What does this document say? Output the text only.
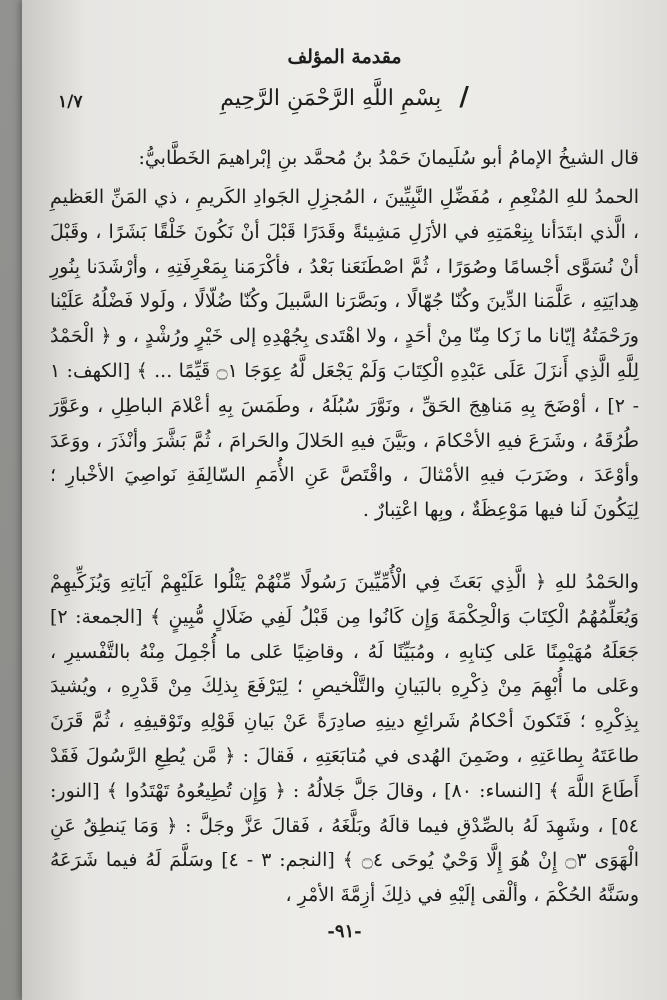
مقدمة المؤلف
١/٧	/بِسْمِ اللَّهِ الرَّحْمَنِ الرَّحِيمِ
قال الشيخُ الإمامُ أبو سُلَيمانَ حَمْدُ بنُ مُحمَّد بنِ إبْراهيمَ الخَطَّابيُّ:

الحمدُ للهِ المُنْعِمِ ، مُفَضِّلِ النَّبِيِّينَ ، المُجزِلِ الجَوادِ الكَريمِ ، ذي المَنِّ العَظيمِ ، الَّذي ابتَدَأنا بِنِعْمَتِهِ في الأزَلِ مَشِيئةً وقَدَرًا قَبْلَ أنْ نَكُونَ خَلْقًا بَشَرًا ، وقَبْلَ أنْ نُسَوَّى أجْسامًا وصُوَرًا ، ثُمَّ اصْطَنَعَنا بَعْدُ ، فأكْرَمَنا بِمَعْرِفَتِهِ ، وأرْشَدَنا بِنُورِ هِدايَتِهِ ، عَلَّمَنا الدِّينَ وكُنّا جُهّالًا ، وبَصَّرَنا السَّبيلَ وكُنّا ضُلّالًا ، ولَولا فَضْلُهُ عَلَيْنا ورَحْمَتُهُ إيّانا ما زَكا مِنّا مِنْ أحَدٍ ، ولا اهْتَدى بِجُهْدِهِ إلى خَيْرٍ ورُشْدٍ ، و ﴿ الْحَمْدُ لِلَّهِ الَّذِي أَنزَلَ عَلَى عَبْدِهِ الْكِتَابَ وَلَمْ يَجْعَل لَّهُ عِوَجَا ۝١ قَيِّمًا ... ﴾ [الكهف: ١ - ٢] ، أوْضَحَ بِهِ مَناهِجَ الحَقِّ ، ونَوَّرَ سُبُلَهُ ، وطَمَسَ بِهِ أعْلامَ الباطِلِ ، وعَوَّرَ طُرُقَهُ ، وشَرَعَ فيهِ الأحْكامَ ، وبَيَّنَ فيهِ الحَلالَ والحَرامَ ، ثُمَّ بَشَّرَ وأنْذَرَ ، ووَعَدَ وأوْعَدَ ، وضَرَبَ فيهِ الأمْثالَ ، واقْتَصَّ عَنِ الأُمَمِ السّالِفَةِ نَواصِيَ الأخْبارِ ؛ لِيَكُونَ لَنا فيها مَوْعِظَةٌ ، وبِها اعْتِبارٌ .

والحَمْدُ للهِ ﴿ الَّذِي بَعَثَ فِي الْأُمِّيِّينَ رَسُولًا مِّنْهُمْ يَتْلُوا عَلَيْهِمْ آيَاتِهِ وَيُزَكِّيهِمْ وَيُعَلِّمُهُمُ الْكِتَابَ وَالْحِكْمَةَ وَإِن كَانُوا مِن قَبْلُ لَفِي ضَلَالٍ مُّبِينٍ ﴾ [الجمعة: ٢] جَعَلَهُ مُهَيْمِنًا عَلى كِتابِهِ ، ومُبَيِّنًا لَهُ ، وقاضِيًا عَلى ما أُجْمِلَ مِنْهُ بالتَّفْسيرِ ، وعَلى ما أُبْهِمَ مِنْ ذِكْرِهِ بالبَيانِ والتَّلْخيصِ ؛ لِيَرْفَعَ بِذلِكَ مِنْ قَدْرِهِ ، ويُشيدَ بِذِكْرِهِ ؛ فَتَكونَ أحْكامُ شَرائِعِ دينِهِ صادِرَةً عَنْ بَيانِ قَوْلِهِ وتَوْقيفِهِ ، ثُمَّ قَرَنَ طاعَتَهُ بِطاعَتِهِ ، وضَمِنَ الهُدى في مُتابَعَتِهِ ، فَقالَ : ﴿ مَّن يُطِعِ الرَّسُولَ فَقَدْ أَطَاعَ اللَّهَ ﴾ [النساء: ٨٠] ، وقالَ جَلَّ جَلالُهُ : ﴿ وَإِن تُطِيعُوهُ تَهْتَدُوا ﴾ [النور: ٥٤] ، وشَهِدَ لَهُ بالصِّدْقِ فيما قالَهُ وبَلَّغَهُ ، فَقالَ عَزَّ وجَلَّ : ﴿ وَمَا يَنطِقُ عَنِ الْهَوَى ۝٣ إِنْ هُوَ إِلَّا وَحْيٌ يُوحَى ۝٤ ﴾ [النجم: ٣ - ٤] وسَلَّمَ لَهُ فيما شَرَعَهُ وسَنَّهُ الحُكْمَ ، وألْقى إلَيْهِ في ذلِكَ أزِمَّةَ الأمْرِ ،

-٩١-
